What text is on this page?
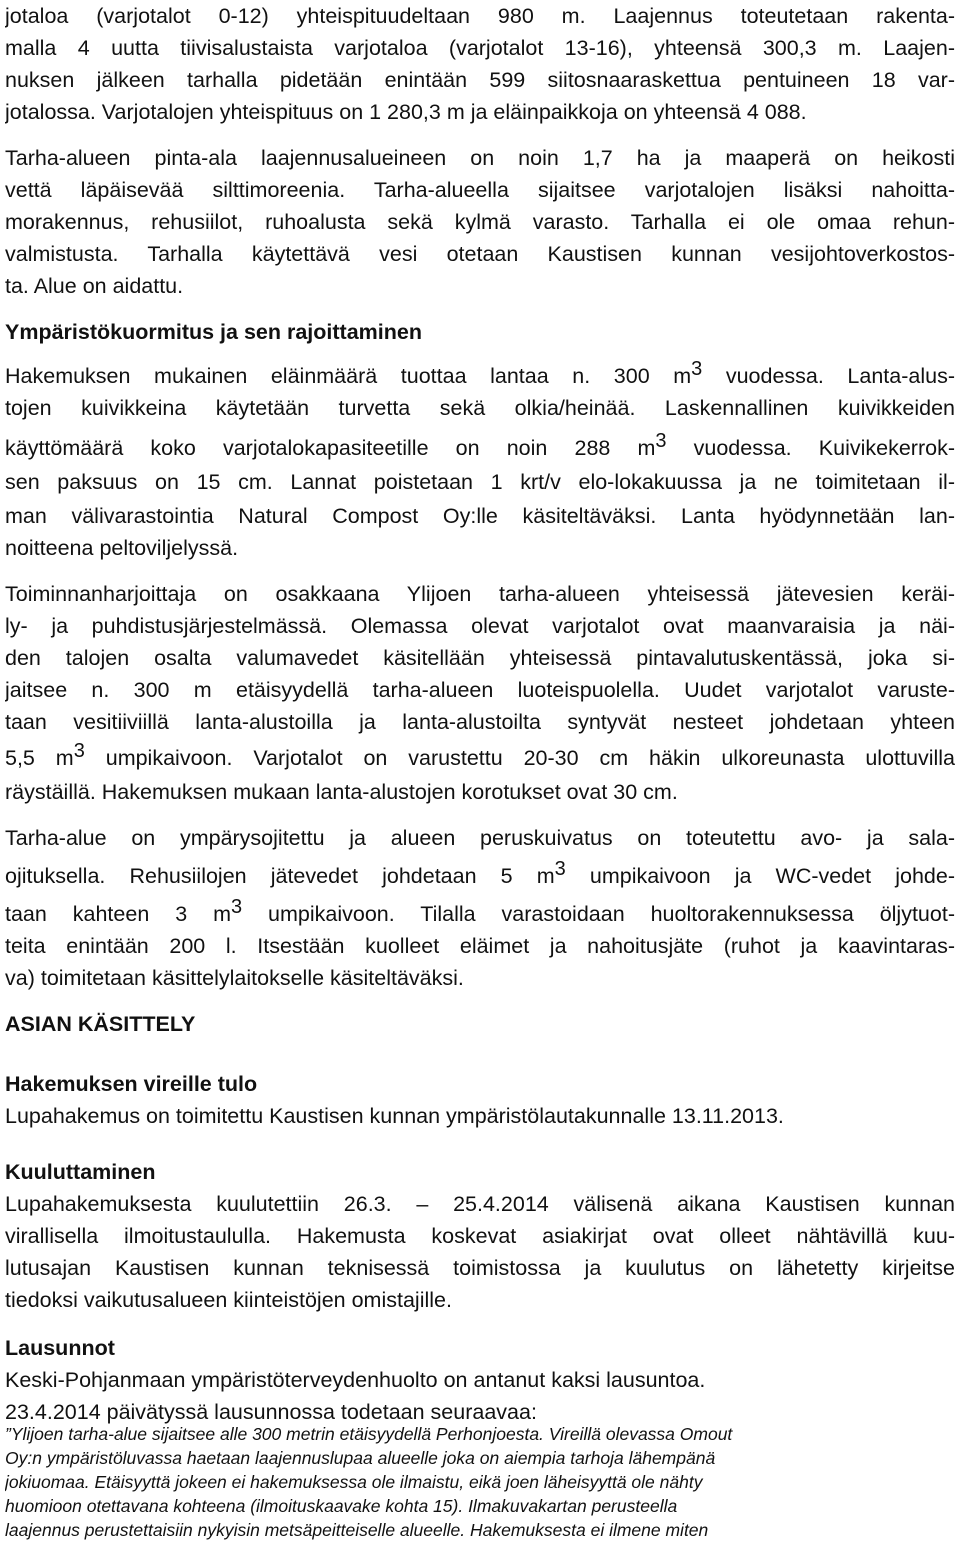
jotaloa (varjotalot 0-12) yhteispituudeltaan 980 m. Laajennus toteutetaan rakenta-
malla 4 uutta tiivisalustaista varjotaloa (varjotalot 13-16), yhteensä 300,3 m. Laajen-
nuksen jälkeen tarhalla pidetään enintään 599 siitosnaaraskettua pentuineen 18 var-
jotalossa. Varjotalojen yhteispituus on 1 280,3 m ja eläinpaikkoja on yhteensä 4 088.
Tarha-alueen pinta-ala laajennusalueineen on noin 1,7 ha ja maaperä on heikosti
vettä läpäisevää silttimoreenia. Tarha-alueella sijaitsee varjotalojen lisäksi nahoitta-
morakennus, rehusiilot, ruhoalusta sekä kylmä varasto. Tarhalla ei ole omaa rehun-
valmistusta. Tarhalla käytettävä vesi otetaan Kaustisen kunnan vesijohtoverkostos-
ta. Alue on aidattu.
Ympäristökuormitus ja sen rajoittaminen
Hakemuksen mukainen eläinmäärä tuottaa lantaa n. 300 $m^3$ vuodessa. Lanta-alus-
tojen kuivikkeina käytetään turvetta sekä olkia/heinää. Laskennallinen kuivikkeiden
käyttömäärä koko varjotalokapasiteetille on noin 288 $m^3$ vuodessa. Kuivikekerrok-
sen paksuus on 15 cm. Lannat poistetaan 1 krt/v elo-lokakuussa ja ne toimitetaan il-
man välivarastointia Natural Compost Oy:lle käsiteltäväksi. Lanta hyödynnetään lan-
noitteena peltoviljelyssä.
Toiminnanharjoittaja on osakkaana Ylijoen tarha-alueen yhteisessä jätevesien keräi-
ly- ja puhdistusjärjestelmässä. Olemassa olevat varjotalot ovat maanvaraisia ja näi-
den talojen osalta valumavedet käsitellään yhteisessä pintavalutuskentässä, joka si-
jaitsee n. 300 m etäisyydellä tarha-alueen luoteispuolella. Uudet varjotalot varuste-
taan vesitiiviillä lanta-alustoilla ja lanta-alustoilta syntyvät nesteet johdetaan yhteen
5,5 $m^3$ umpikaivoon. Varjotalot on varustettu 20-30 cm häkin ulkoreunasta ulottuvilla
räystäillä. Hakemuksen mukaan lanta-alustojen korotukset ovat 30 cm.
Tarha-alue on ympärysojitettu ja alueen peruskuivatus on toteutettu avo- ja sala-
ojituksella. Rehusiilojen jätevedet johdetaan 5 $m^3$ umpikaivoon ja WC-vedet johde-
taan kahteen 3 $m^3$ umpikaivoon. Tilalla varastoidaan huoltorakennuksessa öljytuot-
teita enintään 200 l. Itsestään kuolleet eläimet ja nahoitusjäte (ruhot ja kaavintaras-
va) toimitetaan käsittelylaitokselle käsiteltäväksi.
ASIAN KÄSITTELY
Hakemuksen vireille tulo
Lupahakemus on toimitettu Kaustisen kunnan ympäristölautakunnalle 13.11.2013.
Kuuluttaminen
Lupahakemuksesta kuulutettiin 26.3. – 25.4.2014 välisenä aikana Kaustisen kunnan
virallisella ilmoitustaululla. Hakemusta koskevat asiakirjat ovat olleet nähtävillä kuu-
lutusajan Kaustisen kunnan teknisessä toimistossa ja kuulutus on lähetetty kirjeitse
tiedoksi vaikutusalueen kiinteistöjen omistajille.
Lausunnot
Keski-Pohjanmaan ympäristöterveydenhuolto on antanut kaksi lausuntoa.
23.4.2014 päivätyssä lausunnossa todetaan seuraavaa:
”Ylijoen tarha-alue sijaitsee alle 300 metrin etäisyydellä Perhonjoesta. Vireillä olevassa Omout
Oy:n ympäristöluvassa haetaan laajennuslupaa alueelle joka on aiempia tarhoja lähempänä
jokiuomaa. Etäisyyttä jokeen ei hakemuksessa ole ilmaistu, eikä joen läheisyyttä ole nähty
huomioon otettavana kohteena (ilmoituskaavake kohta 15). Ilmakuvakartan perusteella
laajennus perustettaisiin nykyisin metsäpeitteiselle alueelle. Hakemuksesta ei ilmene miten
